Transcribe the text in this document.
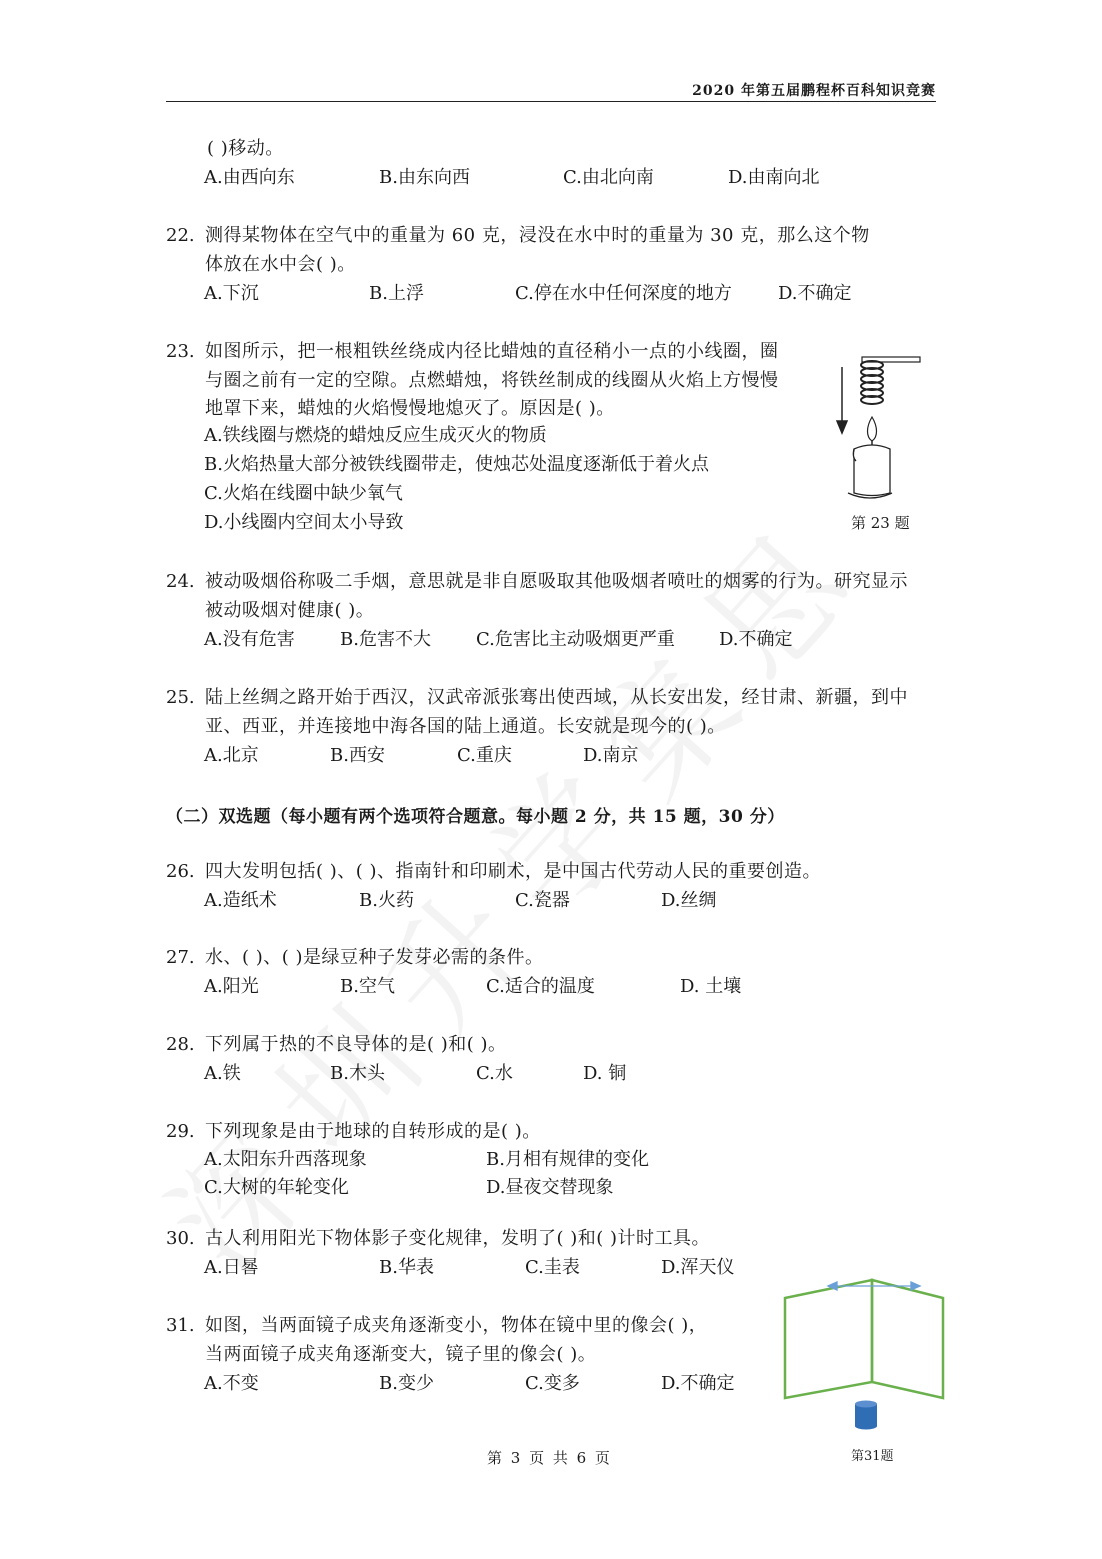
2020 年第五届鹏程杯百科知识竞赛
( )移动。
A.由西向东	B.由东向西	C.由北向南	D.由南向北
22. 测得某物体在空气中的重量为 60 克，浸没在水中时的重量为 30 克，那么这个物
体放在水中会( )。
A.下沉	B.上浮	C.停在水中任何深度的地方	D.不确定
23. 如图所示，把一根粗铁丝绕成内径比蜡烛的直径稍小一点的小线圈，圈
与圈之前有一定的空隙。点燃蜡烛，将铁丝制成的线圈从火焰上方慢慢
地罩下来，蜡烛的火焰慢慢地熄灭了。原因是( )。
A.铁线圈与燃烧的蜡烛反应生成灭火的物质
B.火焰热量大部分被铁线圈带走，使烛芯处温度逐渐低于着火点
C.火焰在线圈中缺少氧气
D.小线圈内空间太小导致	第 23 题
24. 被动吸烟俗称吸二手烟，意思就是非自愿吸取其他吸烟者喷吐的烟雾的行为。研究显示
被动吸烟对健康( )。
A.没有危害	B.危害不大	C.危害比主动吸烟更严重 D.不确定
25. 陆上丝绸之路开始于西汉，汉武帝派张骞出使西域，从长安出发，经甘肃、新疆，到中
亚、西亚，并连接地中海各国的陆上通道。长安就是现今的( )。
A.北京	B.西安	C.重庆	D.南京
（二）双选题（每小题有两个选项符合题意。每小题 2 分，共 15 题，30 分）
26. 四大发明包括( )、( )、指南针和印刷术，是中国古代劳动人民的重要创造。
A.造纸术	B.火药	C.瓷器	D.丝绸
27. 水、( )、( )是绿豆种子发芽必需的条件。
A.阳光	B.空气	C.适合的温度	D. 土壤
28. 下列属于热的不良导体的是( )和( )。
A.铁	B.木头	C.水	D. 铜
29. 下列现象是由于地球的自转形成的是( )。
A.太阳东升西落现象	B.月相有规律的变化
C.大树的年轮变化	D.昼夜交替现象
30. 古人利用阳光下物体影子变化规律，发明了( )和( )计时工具。
A.日晷	B.华表	C.圭表	D.浑天仪
31. 如图，当两面镜子成夹角逐渐变小，物体在镜中里的像会( )，
当两面镜子成夹角逐渐变大，镜子里的像会( )。
A.不变	B.变少	C.变多	D.不确定
第31题
第 3 页 共 6 页
